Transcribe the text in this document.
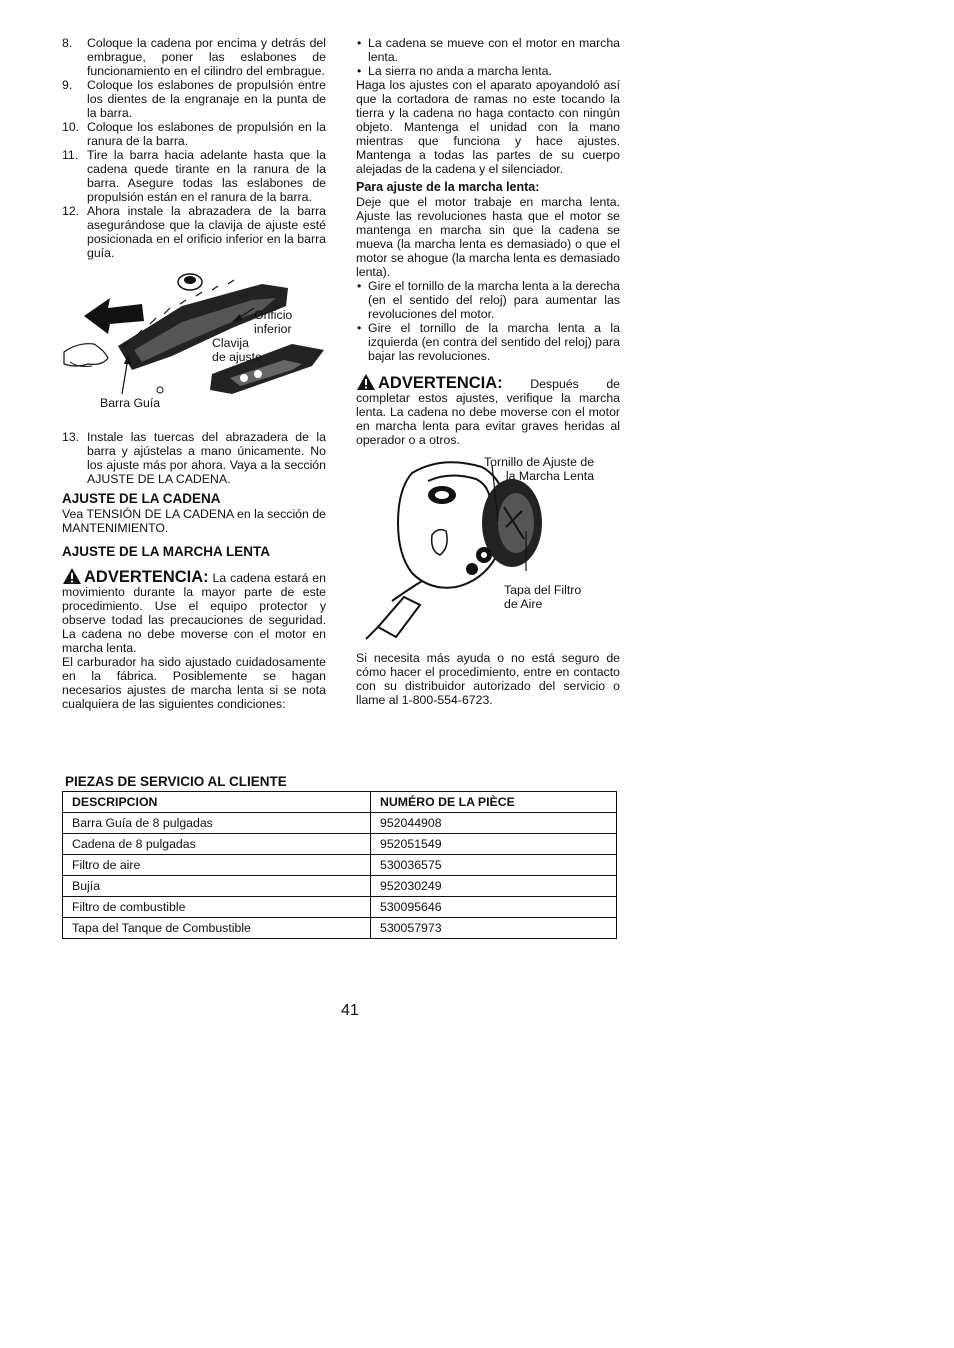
8.	Coloque la cadena por encima y detrás del embrague, poner las eslabones de funcionamiento en el cilindro del embrague.
9.	Coloque los eslabones de propulsión entre los dientes de la engranaje en la punta de la barra.
10. Coloque los eslabones de propulsión en la ranura de la barra.
11. Tire la barra hacia adelante hasta que la cadena quede tirante en la ranura de la barra. Asegure todas las eslabones de propulsión están en el ranura de la barra.
12. Ahora instale la abrazadera de la barra asegurándose que la clavija de ajuste esté posicionada en el orificio inferior en la barra guía.
Orificio
inferior
Clavija
de ajuste
Barra Guía
13. Instale las tuercas del abrazadera de la barra y ajústelas a mano únicamente. No los ajuste más por ahora. Vaya a la sección AJUSTE DE LA CADENA.
AJUSTE DE LA CADENA

Vea TENSIÓN DE LA CADENA en la sección de MANTENIMIENTO.

AJUSTE DE LA MARCHA LENTA

ADVERTENCIA: La cadena estará en movimiento durante la mayor parte de este procedimiento. Use el equipo protector y observe todad las precauciones de seguridad. La cadena no debe moverse con el motor en marcha lenta.

El carburador ha sido ajustado cuidadosamente en la fábrica. Posiblemente se hagan necesarios ajustes de marcha lenta si se nota cualquiera de las siguientes condiciones:

• La cadena se mueve con el motor en marcha lenta.
• La sierra no anda a marcha lenta.

Haga los ajustes con el aparato apoyandoló así que la cortadora de ramas no este tocando la tierra y la cadena no haga contacto con ningún objeto. Mantenga el unidad con la mano mientras que funciona y hace ajustes. Mantenga a todas las partes de su cuerpo alejadas de la cadena y el silenciador.

Para ajuste de la marcha lenta:

Deje que el motor trabaje en marcha lenta. Ajuste las revoluciones hasta que el motor se mantenga en marcha sin que la cadena se mueva (la marcha lenta es demasiado) o que el motor se ahogue (la marcha lenta es demasiado lenta).

• Gire el tornillo de la marcha lenta a la derecha (en el sentido del reloj) para aumentar las revoluciones del motor.
• Gire el tornillo de la marcha lenta a la izquierda (en contra del sentido del reloj) para bajar las revoluciones.

ADVERTENCIA: Después de completar estos ajustes, verifique la marcha lenta. La cadena no debe moverse con el motor en marcha lenta para evitar graves heridas al operador o a otros.

Tornillo de Ajuste de
la Marcha Lenta
Tapa del Filtro
de Aire

Si necesita más ayuda o no está seguro de cómo hacer el procedimiento, entre en contacto con su distribuidor autorizado del servicio o llame al 1-800-554-6723.

PIEZAS DE SERVICIO AL CLIENTE
DESCRIPCION	NUMÉRO DE LA PIÈCE
Barra Guía de 8 pulgadas	952044908
Cadena de 8 pulgadas	952051549
Filtro de aire	530036575
Bujía	952030249
Filtro de combustible	530095646
Tapa del Tanque de Combustible	530057973
41
